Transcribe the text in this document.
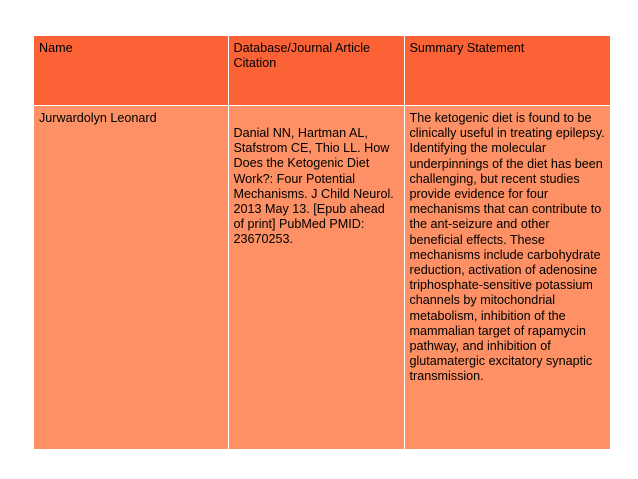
Name	Database/Journal Article Citation	Summary Statement
Jurwardolyn Leonard	Danial NN, Hartman AL, Stafstrom CE, Thio LL. How Does the Ketogenic Diet Work?: Four Potential Mechanisms. J Child Neurol. 2013 May 13. [Epub ahead of print] PubMed PMID: 23670253.	The ketogenic diet is found to be clinically useful in treating epilepsy. Identifying the molecular underpinnings of the diet has been challenging, but recent studies provide evidence for four mechanisms that can contribute to the ant-seizure and other beneficial effects. These mechanisms include carbohydrate reduction, activation of adenosine triphosphate-sensitive potassium channels by mitochondrial metabolism, inhibition of the mammalian target of rapamycin pathway, and inhibition of glutamatergic excitatory synaptic transmission.
